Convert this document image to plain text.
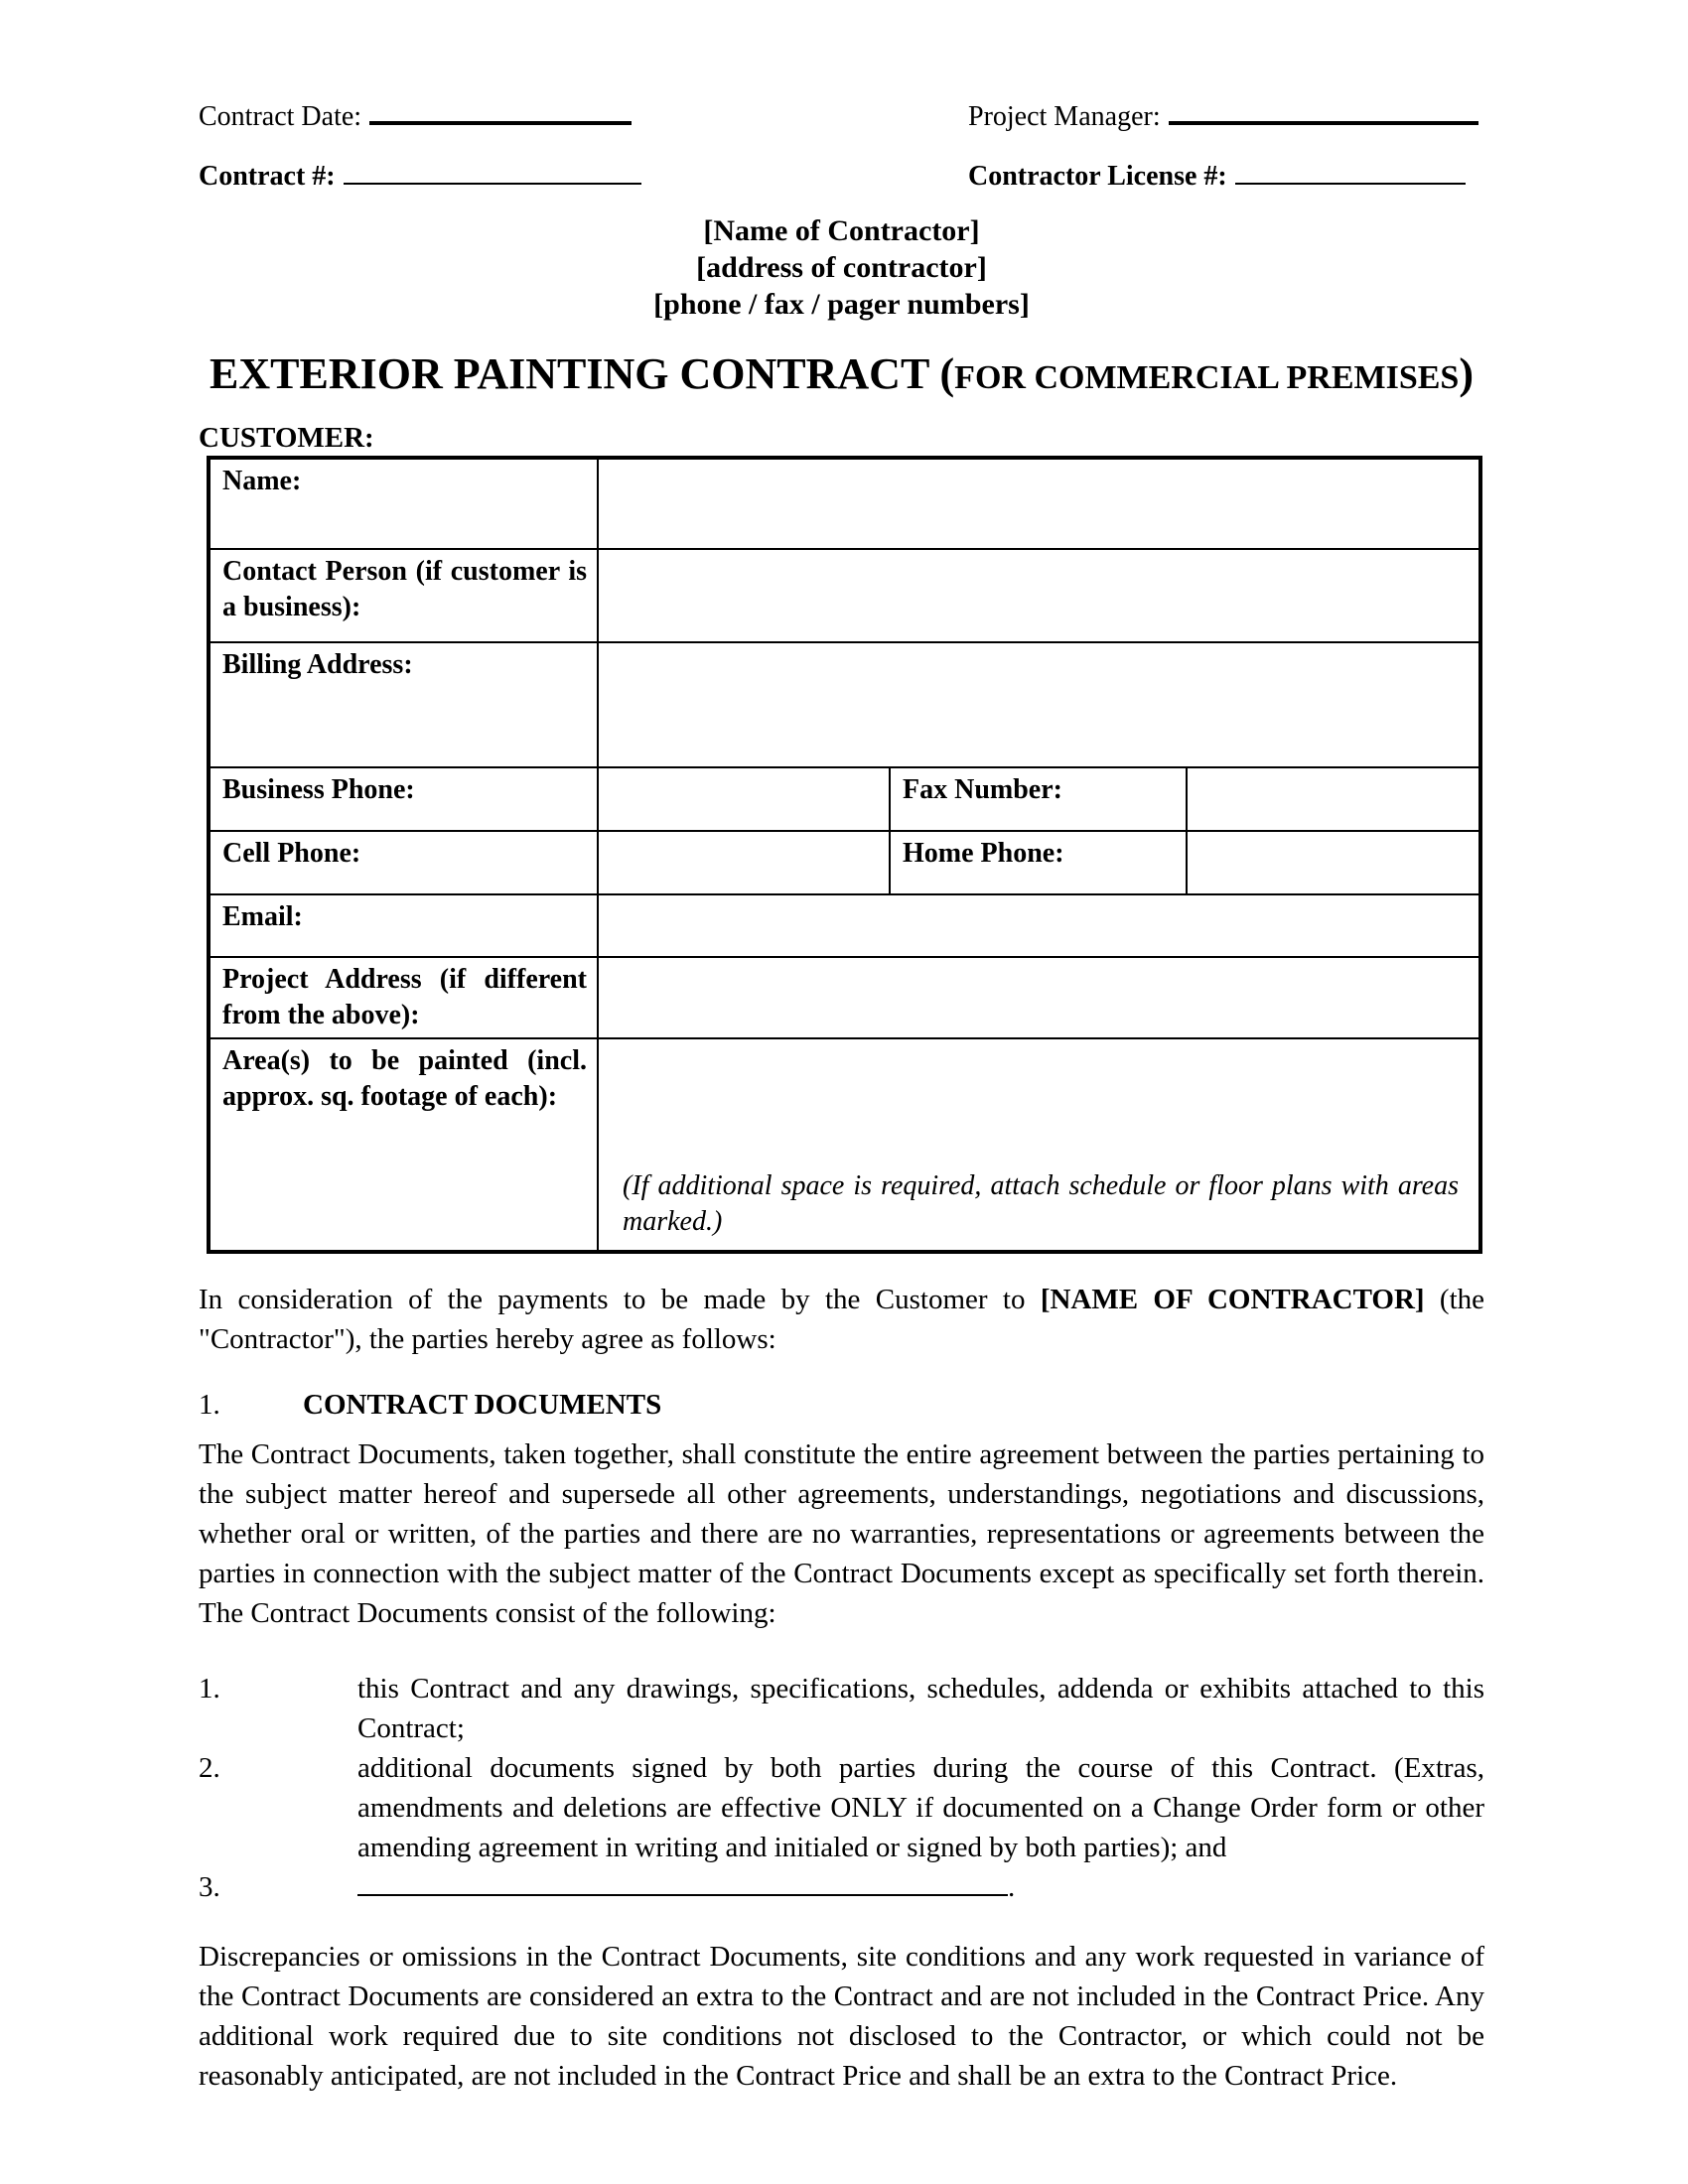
Contract Date:	Project Manager:
Contract #:	Contractor License #:
[Name of Contractor]
[address of contractor]
[phone / fax / pager numbers]
EXTERIOR PAINTING CONTRACT (FOR COMMERCIAL PREMISES)
CUSTOMER:
Name:			
Contact Person (if customer is a business):			
Billing Address:			
Business Phone:		Fax Number:	
Cell Phone:		Home Phone:	
Email:			
Project Address (if different from the above):			
Area(s) to be painted (incl. approx. sq. footage of each):	(If additional space is required, attach schedule or floor plans with areas marked.)		
In consideration of the payments to be made by the Customer to [NAME OF CONTRACTOR] (the "Contractor"), the parties hereby agree as follows:
1.	CONTRACT DOCUMENTS
The Contract Documents, taken together, shall constitute the entire agreement between the parties pertaining to the subject matter hereof and supersede all other agreements, understandings, negotiations and discussions, whether oral or written, of the parties and there are no warranties, representations or agreements between the parties in connection with the subject matter of the Contract Documents except as specifically set forth therein. The Contract Documents consist of the following:
1.	this Contract and any drawings, specifications, schedules, addenda or exhibits attached to this Contract;
2.	additional documents signed by both parties during the course of this Contract. (Extras, amendments and deletions are effective ONLY if documented on a Change Order form or other amending agreement in writing and initialed or signed by both parties); and
3.	.
Discrepancies or omissions in the Contract Documents, site conditions and any work requested in variance of the Contract Documents are considered an extra to the Contract and are not included in the Contract Price. Any additional work required due to site conditions not disclosed to the Contractor, or which could not be reasonably anticipated, are not included in the Contract Price and shall be an extra to the Contract Price.
